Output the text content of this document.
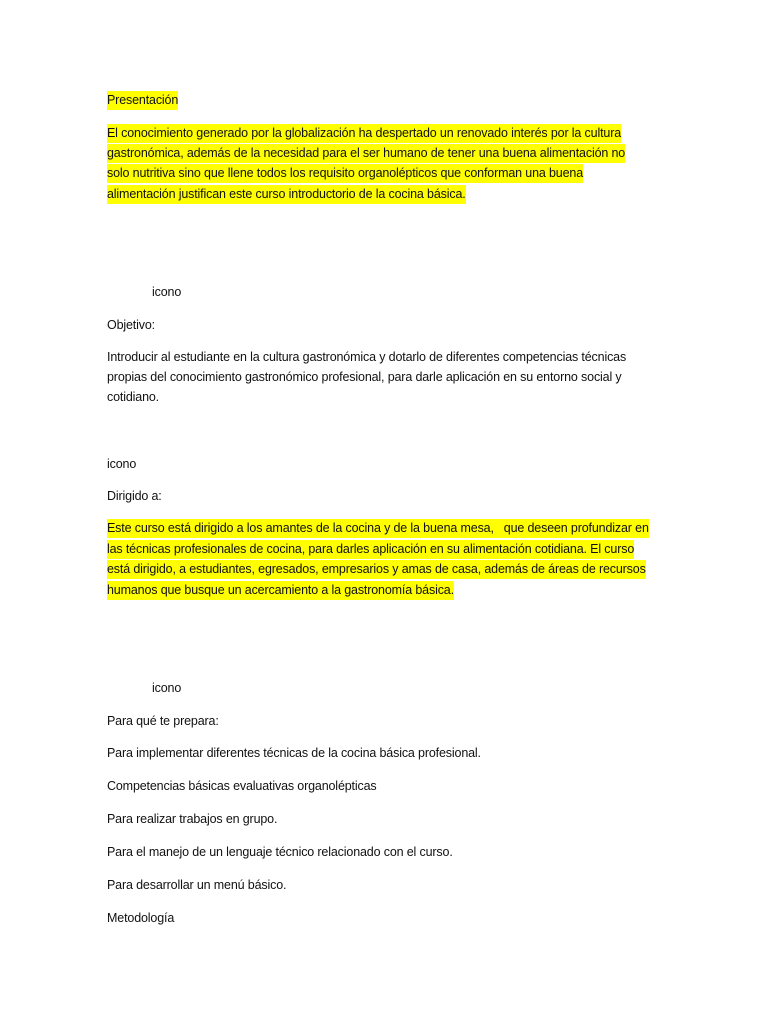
Presentación
El conocimiento generado por la globalización ha despertado un renovado interés por la cultura
gastronómica, además de la necesidad para el ser humano de tener una buena alimentación no
solo nutritiva sino que llene todos los requisito organolépticos que conforman una buena
alimentación justifican este curso introductorio de la cocina básica.
icono
Objetivo:
Introducir al estudiante en la cultura gastronómica y dotarlo de diferentes competencias técnicas
propias del conocimiento gastronómico profesional, para darle aplicación en su entorno social y
cotidiano.
icono
Dirigido a:
Este curso está dirigido a los amantes de la cocina y de la buena mesa,   que deseen profundizar en
las técnicas profesionales de cocina, para darles aplicación en su alimentación cotidiana. El curso
está dirigido, a estudiantes, egresados, empresarios y amas de casa, además de áreas de recursos
humanos que busque un acercamiento a la gastronomía básica.
icono
Para qué te prepara:
Para implementar diferentes técnicas de la cocina básica profesional.
Competencias básicas evaluativas organolépticas
Para realizar trabajos en grupo.
Para el manejo de un lenguaje técnico relacionado con el curso.
Para desarrollar un menú básico.
Metodología
